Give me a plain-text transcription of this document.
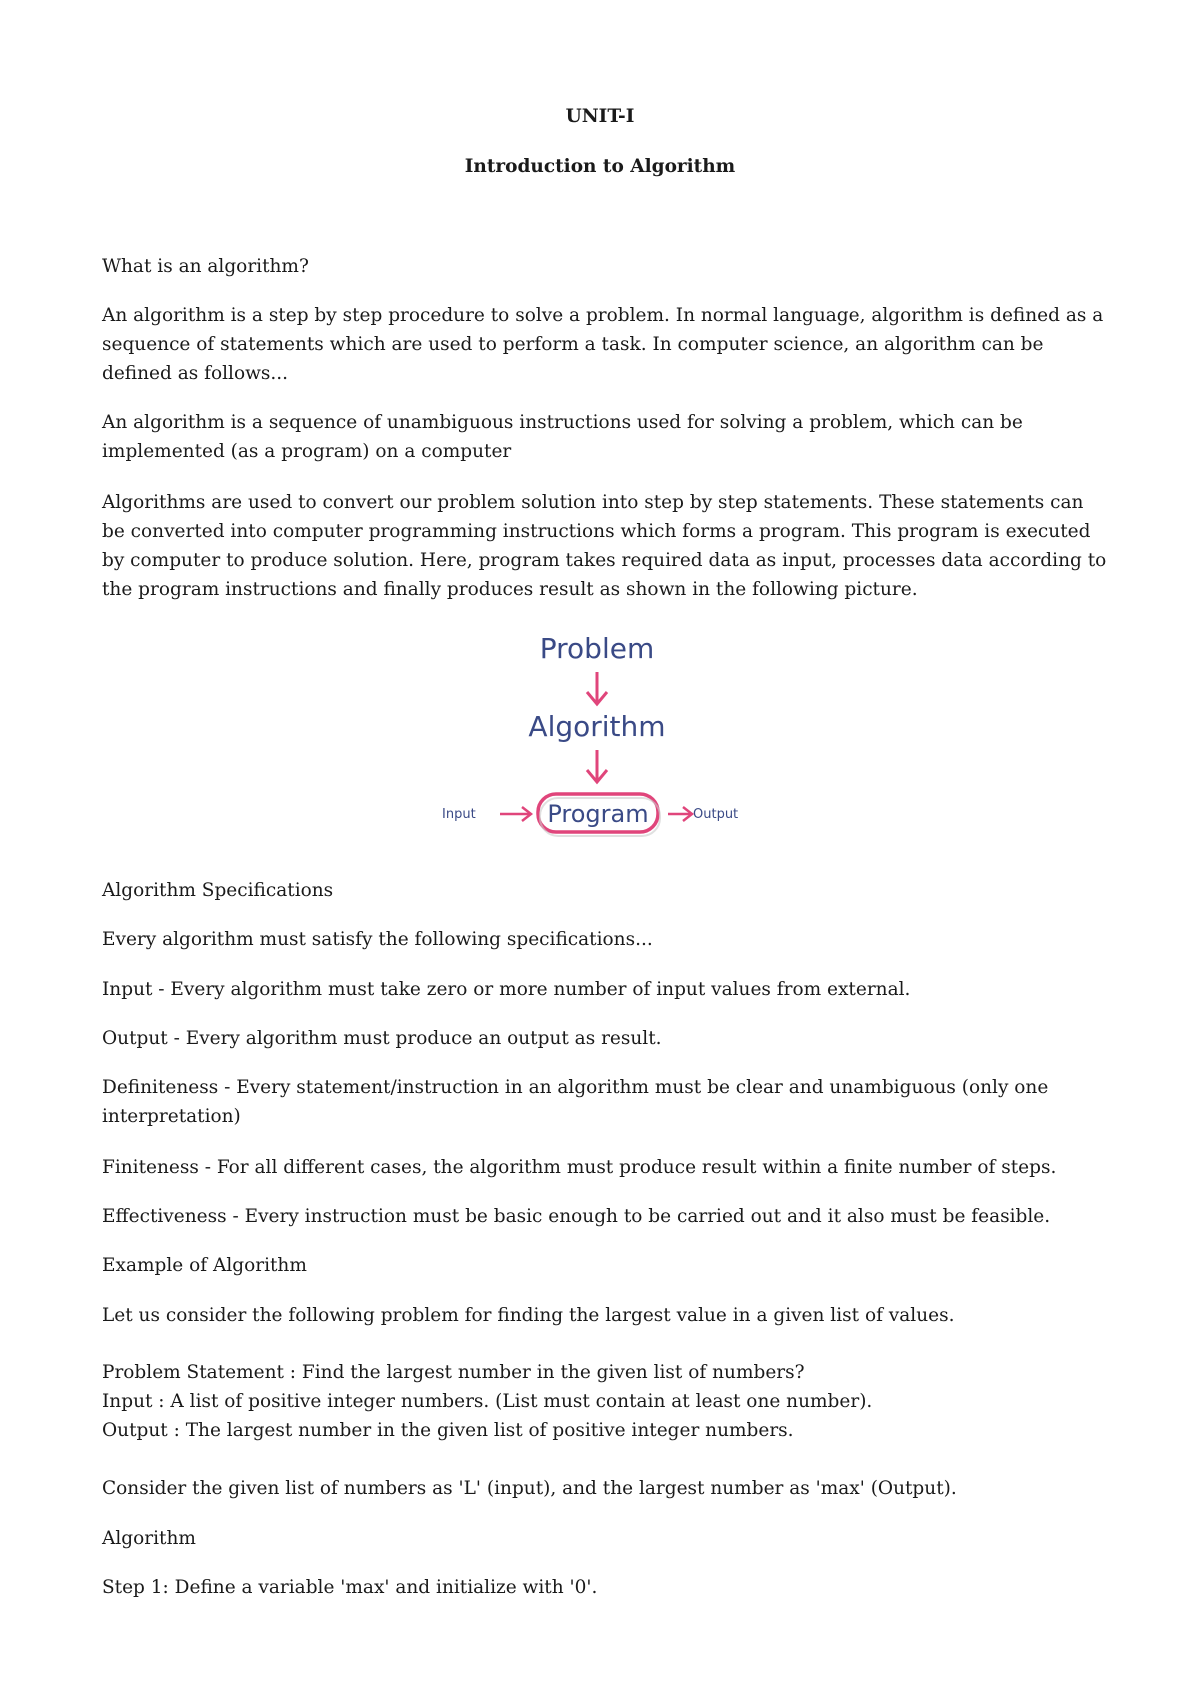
UNIT-I
Introduction to Algorithm

What is an algorithm?

An algorithm is a step by step procedure to solve a problem. In normal language, algorithm is defined as a sequence of statements which are used to perform a task. In computer science, an algorithm can be defined as follows...

An algorithm is a sequence of unambiguous instructions used for solving a problem, which can be implemented (as a program) on a computer

Algorithms are used to convert our problem solution into step by step statements. These statements can be converted into computer programming instructions which forms a program. This program is executed by computer to produce solution. Here, program takes required data as input, processes data according to the program instructions and finally produces result as shown in the following picture.

Problem
Algorithm
Program
Input	Output

Algorithm Specifications

Every algorithm must satisfy the following specifications...

Input - Every algorithm must take zero or more number of input values from external.

Output - Every algorithm must produce an output as result.

Definiteness - Every statement/instruction in an algorithm must be clear and unambiguous (only one interpretation)

Finiteness - For all different cases, the algorithm must produce result within a finite number of steps.

Effectiveness - Every instruction must be basic enough to be carried out and it also must be feasible.

Example of Algorithm

Let us consider the following problem for finding the largest value in a given list of values.

Problem Statement : Find the largest number in the given list of numbers?

Input : A list of positive integer numbers. (List must contain at least one number).

Output : The largest number in the given list of positive integer numbers.

Consider the given list of numbers as 'L' (input), and the largest number as 'max' (Output).

Algorithm

Step 1: Define a variable 'max' and initialize with '0'.
